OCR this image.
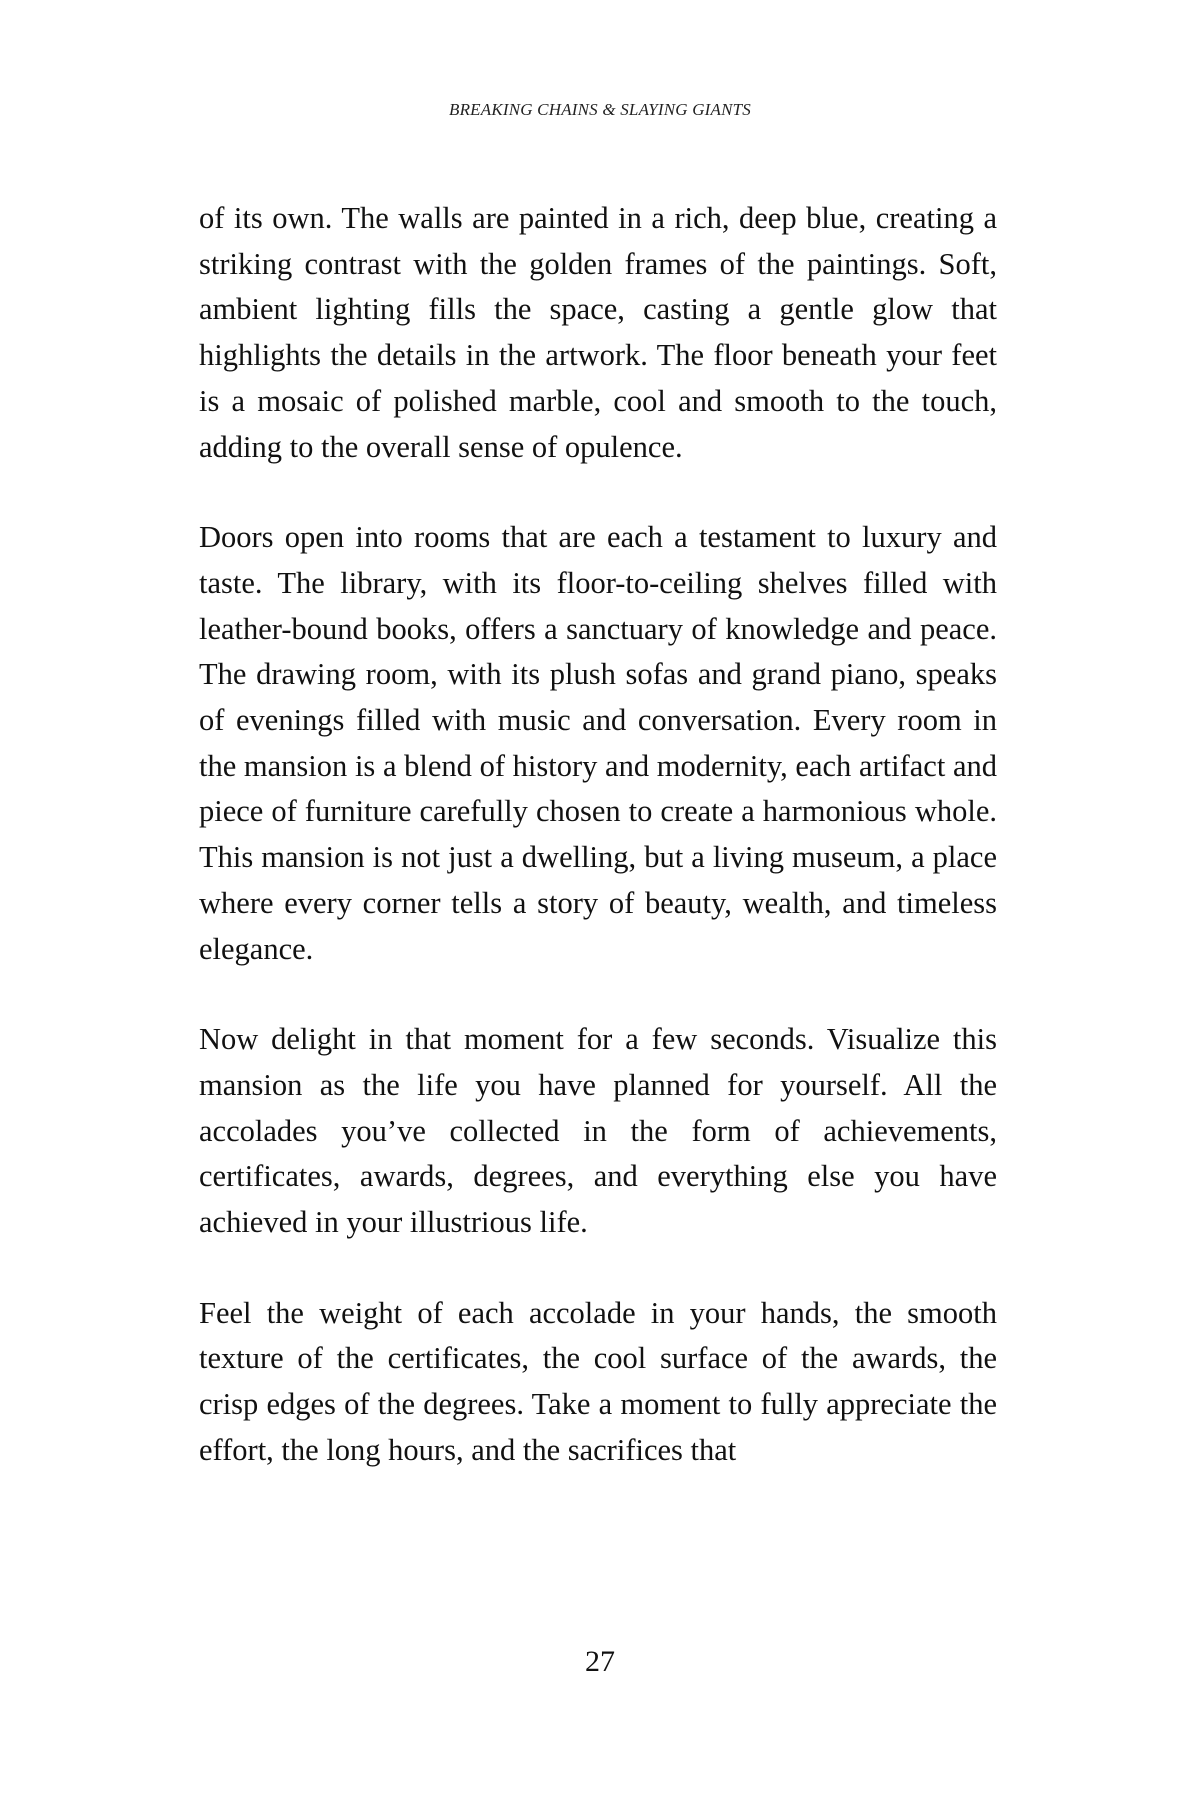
BREAKING CHAINS & SLAYING GIANTS

of its own. The walls are painted in a rich, deep blue, creating a striking contrast with the golden frames of the paintings. Soft, ambient lighting fills the space, casting a gentle glow that highlights the details in the artwork. The floor beneath your feet is a mosaic of polished marble, cool and smooth to the touch, adding to the overall sense of opulence.

Doors open into rooms that are each a testament to luxury and taste. The library, with its floor-to-ceiling shelves filled with leather-bound books, offers a sanctuary of knowledge and peace. The drawing room, with its plush sofas and grand piano, speaks of evenings filled with music and conversation. Every room in the mansion is a blend of history and modernity, each artifact and piece of furniture carefully chosen to create a harmonious whole. This mansion is not just a dwelling, but a living museum, a place where every corner tells a story of beauty, wealth, and timeless elegance.

Now delight in that moment for a few seconds. Visualize this mansion as the life you have planned for yourself. All the accolades you’ve collected in the form of achievements, certificates, awards, degrees, and everything else you have achieved in your illustrious life.

Feel the weight of each accolade in your hands, the smooth texture of the certificates, the cool surface of the awards, the crisp edges of the degrees. Take a moment to fully appreciate the effort, the long hours, and the sacrifices that

27
